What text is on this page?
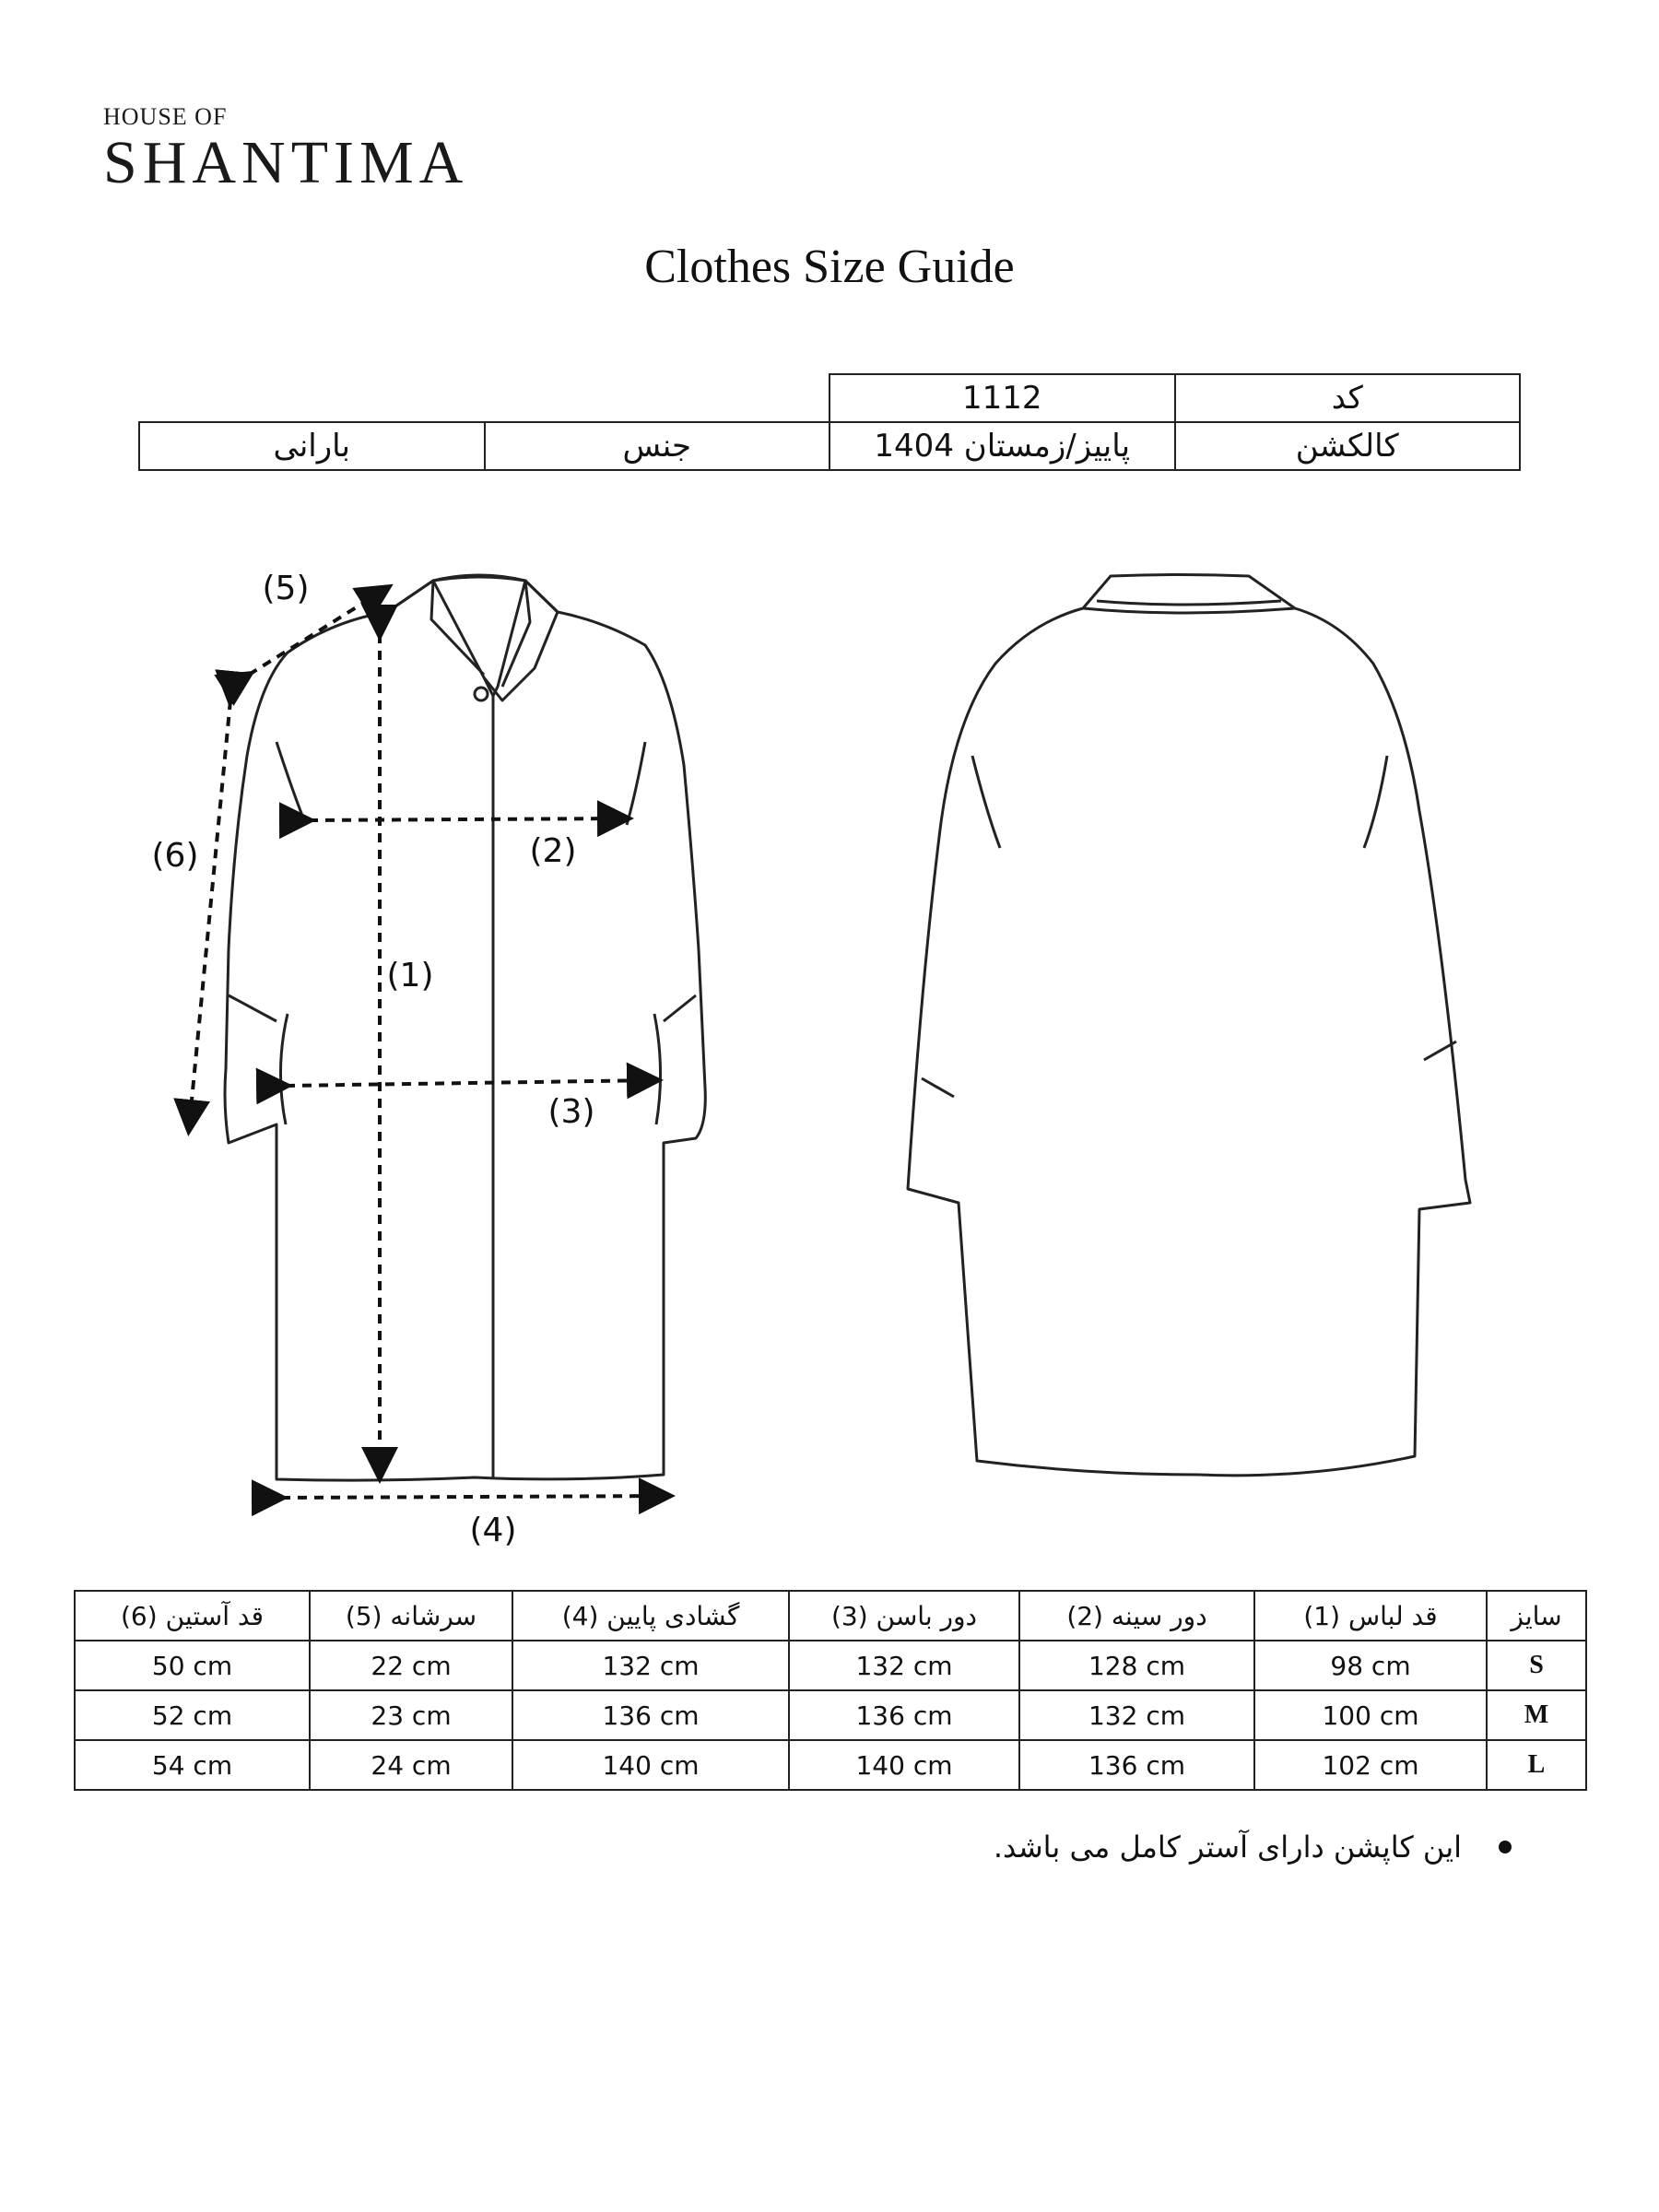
HOUSE OF
SHANTIMA
Clothes Size Guide
		1112	کد
بارانی	جنس	پاییز/زمستان 1404	کالکشن
(1)
(2)
(3)
(4)
(5)
(6)
(6) قد آستین	(5) سرشانه	(4) گشادی پایین	(3) دور باسن	(2) دور سینه	(1) قد لباس	سایز
50 cm	22 cm	132 cm	132 cm	128 cm	98 cm	S
52 cm	23 cm	136 cm	136 cm	132 cm	100 cm	M
54 cm	24 cm	140 cm	140 cm	136 cm	102 cm	L
این کاپشن دارای آستر کامل می باشد.
